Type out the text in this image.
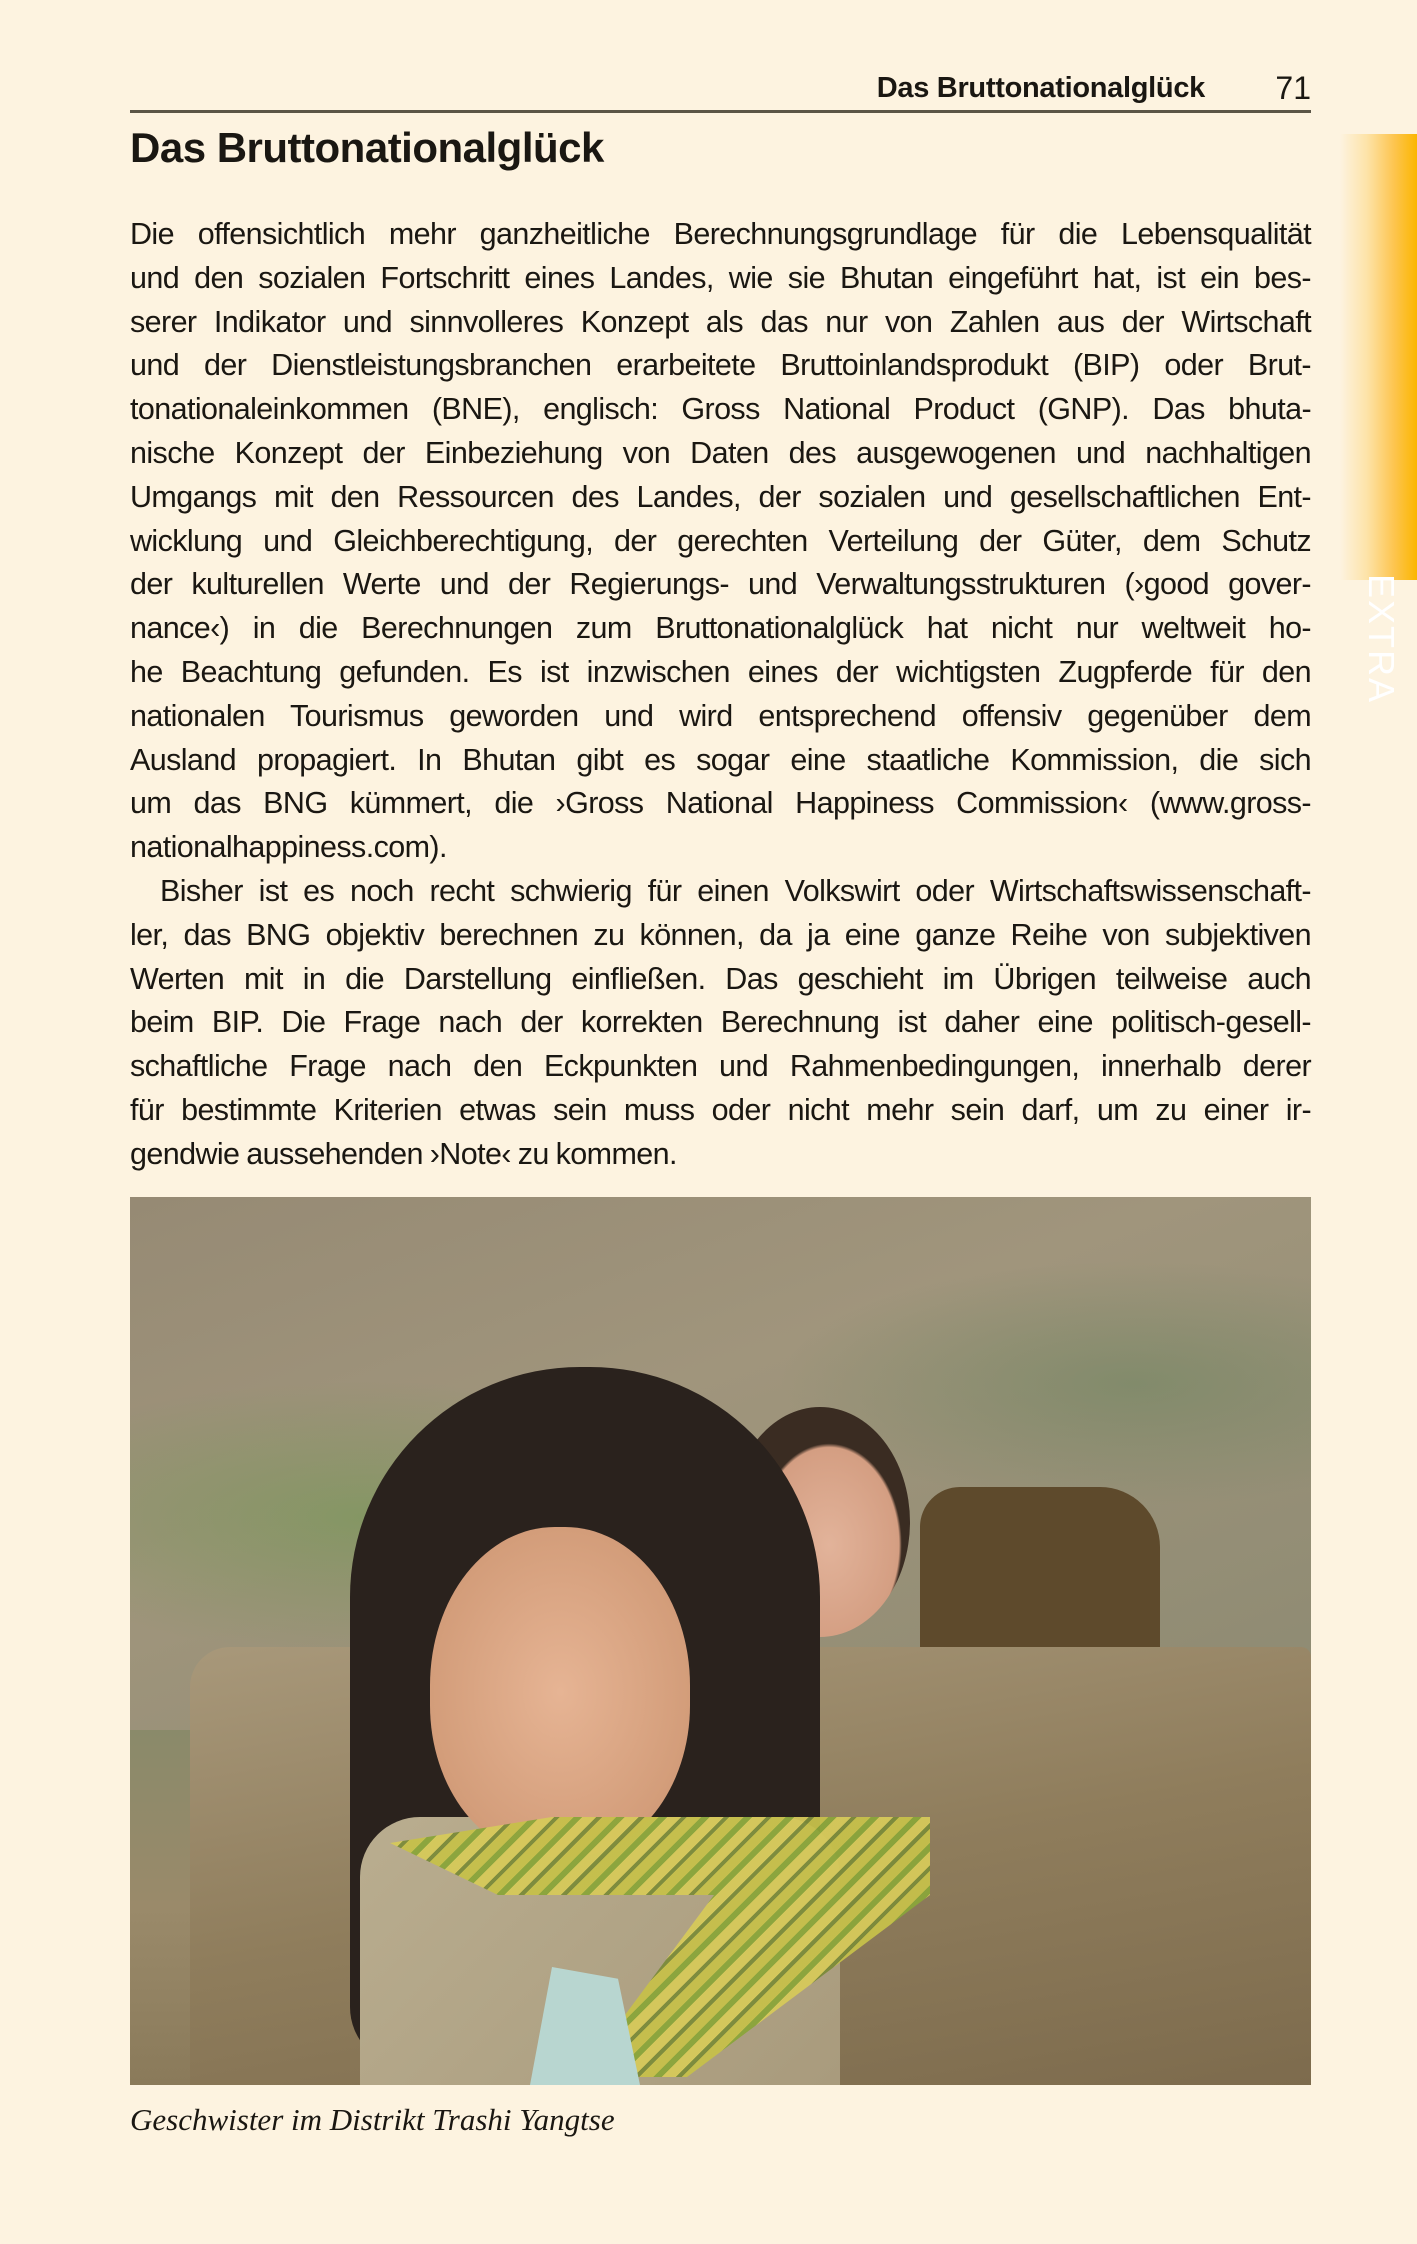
Das Bruttonationalglück 71
EXTRA
Das Bruttonationalglück
Die offensichtlich mehr ganzheitliche Berechnungsgrundlage für die Lebensqualität
und den sozialen Fortschritt eines Landes, wie sie Bhutan eingeführt hat, ist ein bes-
serer Indikator und sinnvolleres Konzept als das nur von Zahlen aus der Wirtschaft
und der Dienstleistungsbranchen erarbeitete Bruttoinlandsprodukt (BIP) oder Brut-
tonationaleinkommen (BNE), englisch: Gross National Product (GNP). Das bhuta-
nische Konzept der Einbeziehung von Daten des ausgewogenen und nachhaltigen
Umgangs mit den Ressourcen des Landes, der sozialen und gesellschaftlichen Ent-
wicklung und Gleichberechtigung, der gerechten Verteilung der Güter, dem Schutz
der kulturellen Werte und der Regierungs- und Verwaltungsstrukturen (›good gover-
nance‹) in die Berechnungen zum Bruttonationalglück hat nicht nur weltweit ho-
he Beachtung gefunden. Es ist inzwischen eines der wichtigsten Zugpferde für den
nationalen Tourismus geworden und wird entsprechend offensiv gegenüber dem
Ausland propagiert. In Bhutan gibt es sogar eine staatliche Kommission, die sich
um das BNG kümmert, die ›Gross National Happiness Commission‹ (www.gross-
nationalhappiness.com).
Bisher ist es noch recht schwierig für einen Volkswirt oder Wirtschaftswissenschaft-
ler, das BNG objektiv berechnen zu können, da ja eine ganze Reihe von subjektiven
Werten mit in die Darstellung einfließen. Das geschieht im Übrigen teilweise auch
beim BIP. Die Frage nach der korrekten Berechnung ist daher eine politisch-gesell-
schaftliche Frage nach den Eckpunkten und Rahmenbedingungen, innerhalb derer
für bestimmte Kriterien etwas sein muss oder nicht mehr sein darf, um zu einer ir-
gendwie aussehenden ›Note‹ zu kommen.
Geschwister im Distrikt Trashi Yangtse
